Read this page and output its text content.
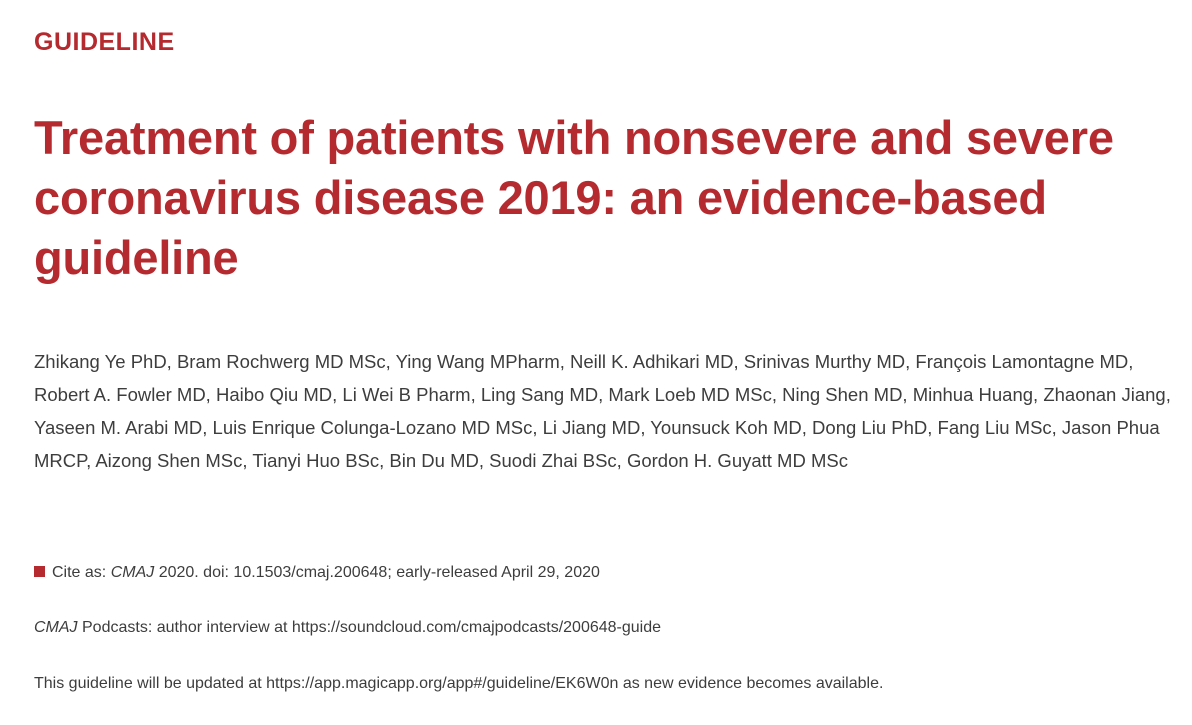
GUIDELINE
Treatment of patients with nonsevere and severe coronavirus disease 2019: an evidence-based guideline

Zhikang Ye PhD, Bram Rochwerg MD MSc, Ying Wang MPharm, Neill K. Adhikari MD, Srinivas Murthy MD, François Lamontagne MD, Robert A. Fowler MD, Haibo Qiu MD, Li Wei B Pharm, Ling Sang MD, Mark Loeb MD MSc, Ning Shen MD, Minhua Huang, Zhaonan Jiang, Yaseen M. Arabi MD, Luis Enrique Colunga-Lozano MD MSc, Li Jiang MD, Younsuck Koh MD, Dong Liu PhD, Fang Liu MSc, Jason Phua MRCP, Aizong Shen MSc, Tianyi Huo BSc, Bin Du MD, Suodi Zhai BSc, Gordon H. Guyatt MD MSc

Cite as: CMAJ 2020. doi: 10.1503/cmaj.200648; early-released April 29, 2020

CMAJ Podcasts: author interview at https://soundcloud.com/cmajpodcasts/200648-guide

This guideline will be updated at https://app.magicapp.org/app#/guideline/EK6W0n as new evidence becomes available.
